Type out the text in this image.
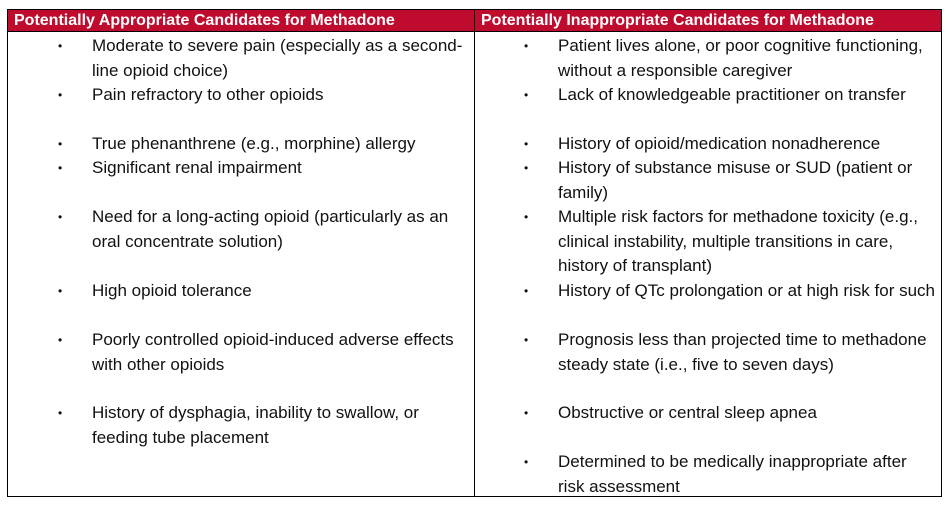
Potentially Appropriate Candidates for Methadone
• Moderate to severe pain (especially as a second-line opioid choice)
• Pain refractory to other opioids
• True phenanthrene (e.g., morphine) allergy
• Significant renal impairment
• Need for a long-acting opioid (particularly as an oral concentrate solution)
• High opioid tolerance
• Poorly controlled opioid-induced adverse effects with other opioids
• History of dysphagia, inability to swallow, or feeding tube placement
Potentially Inappropriate Candidates for Methadone
• Patient lives alone, or poor cognitive functioning, without a responsible caregiver
• Lack of knowledgeable practitioner on transfer
• History of opioid/medication nonadherence
• History of substance misuse or SUD (patient or family)
• Multiple risk factors for methadone toxicity (e.g., clinical instability, multiple transitions in care, history of transplant)
• History of QTc prolongation or at high risk for such
• Prognosis less than projected time to methadone steady state (i.e., five to seven days)
• Obstructive or central sleep apnea
• Determined to be medically inappropriate after risk assessment
